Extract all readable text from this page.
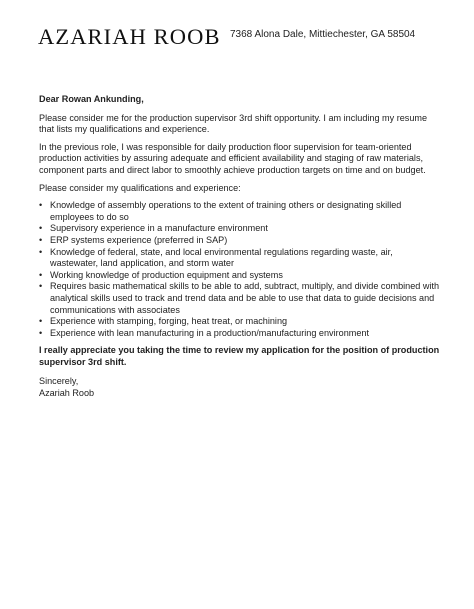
AZARIAH ROOB 7368 Alona Dale, Mittiechester, GA 58504

Dear Rowan Ankunding,

Please consider me for the production supervisor 3rd shift opportunity. I am including my resume that lists my qualifications and experience.

In the previous role, I was responsible for daily production floor supervision for team-oriented production activities by assuring adequate and efficient availability and staging of raw materials, component parts and direct labor to smoothly achieve production targets on time and on budget.

Please consider my qualifications and experience:

• Knowledge of assembly operations to the extent of training others or designating skilled employees to do so
• Supervisory experience in a manufacture environment
• ERP systems experience (preferred in SAP)
• Knowledge of federal, state, and local environmental regulations regarding waste, air, wastewater, land application, and storm water
• Working knowledge of production equipment and systems
• Requires basic mathematical skills to be able to add, subtract, multiply, and divide combined with analytical skills used to track and trend data and be able to use that data to guide decisions and communications with associates
• Experience with stamping, forging, heat treat, or machining
• Experience with lean manufacturing in a production/manufacturing environment

I really appreciate you taking the time to review my application for the position of production supervisor 3rd shift.

Sincerely,

Azariah Roob
